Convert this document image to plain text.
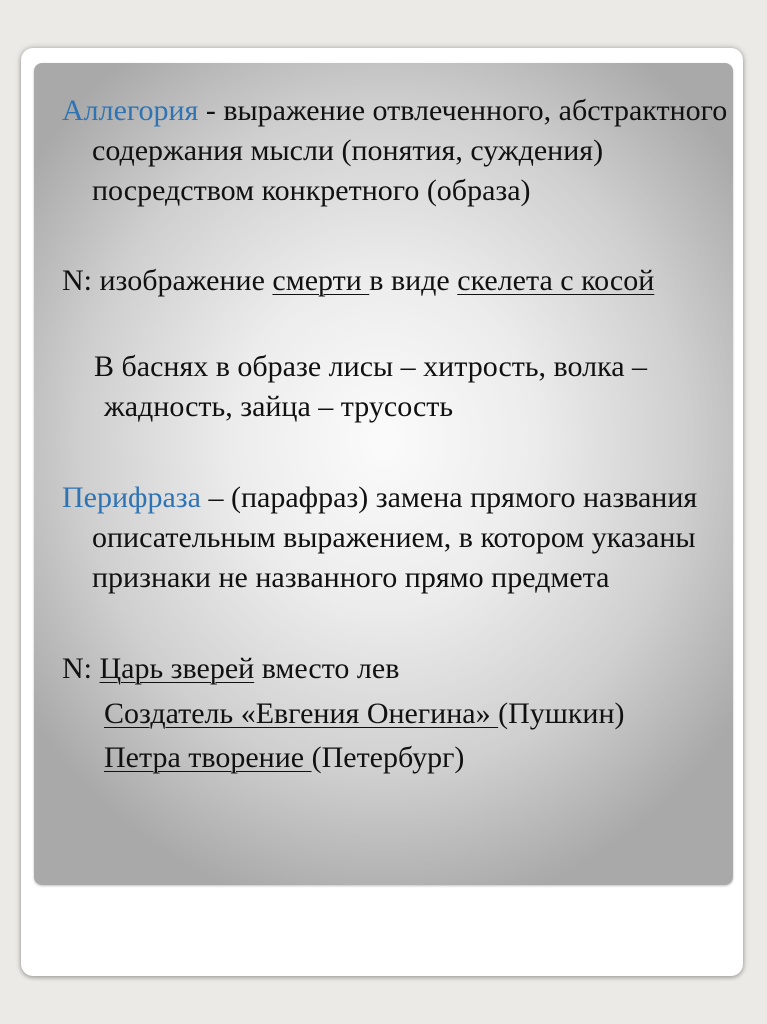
Аллегория - выражение отвлеченного, абстрактного содержания мысли (понятия, суждения) посредством конкретного (образа)

N: изображение смерти в виде скелета с косой

В баснях в образе лисы – хитрость, волка – жадность, зайца – трусость

Перифраза – (парафраз) замена прямого названия описательным выражением, в котором указаны признаки не названного прямо предмета

N: Царь зверей вместо лев

Создатель «Евгения Онегина» (Пушкин)

Петра творение (Петербург)
